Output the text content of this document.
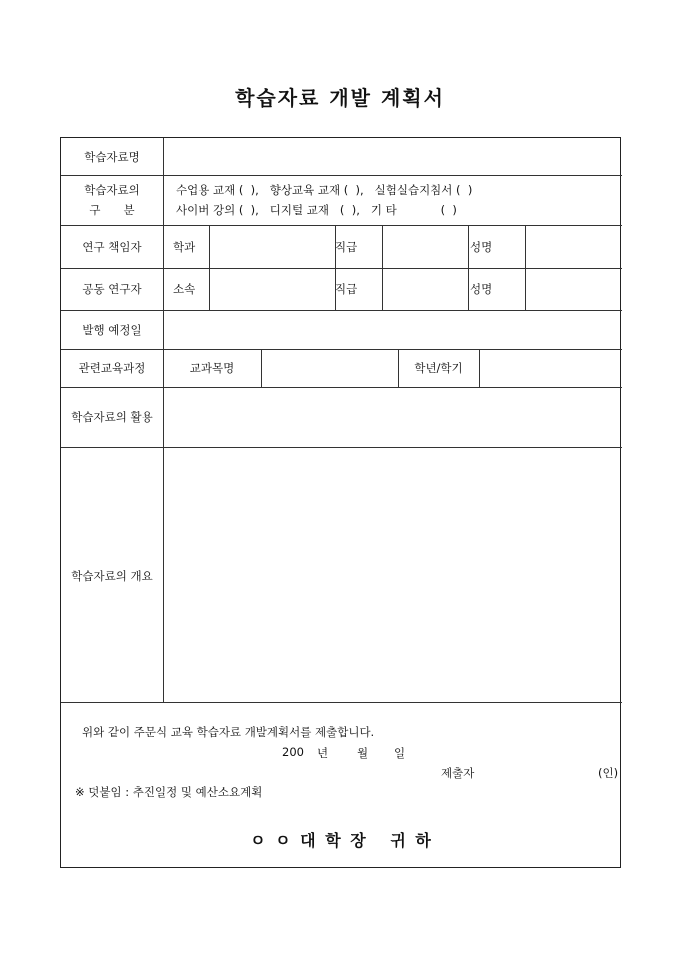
학습자료 개발 계획서
학습자료명
학습자료의
구　　분
수업용 교재 (  ),   향상교육 교재 (  ),   실험실습지침서 (  )
사이버 강의 (  ),   디지털 교재   (  ),   기 타            (  )
연구 책임자	학과	직급	성명
공동 연구자	소속	직급	성명
발행 예정일
관련교육과정	교과목명	학년/학기
학습자료의 활용
학습자료의 개요
위와 같이 주문식 교육 학습자료 개발계획서를 제출합니다.
200 년	월 일
제출자	(인)
※ 덧붙임 : 추진일정 및 예산소요계획
ㅇ ㅇ 대 학 장   귀 하
